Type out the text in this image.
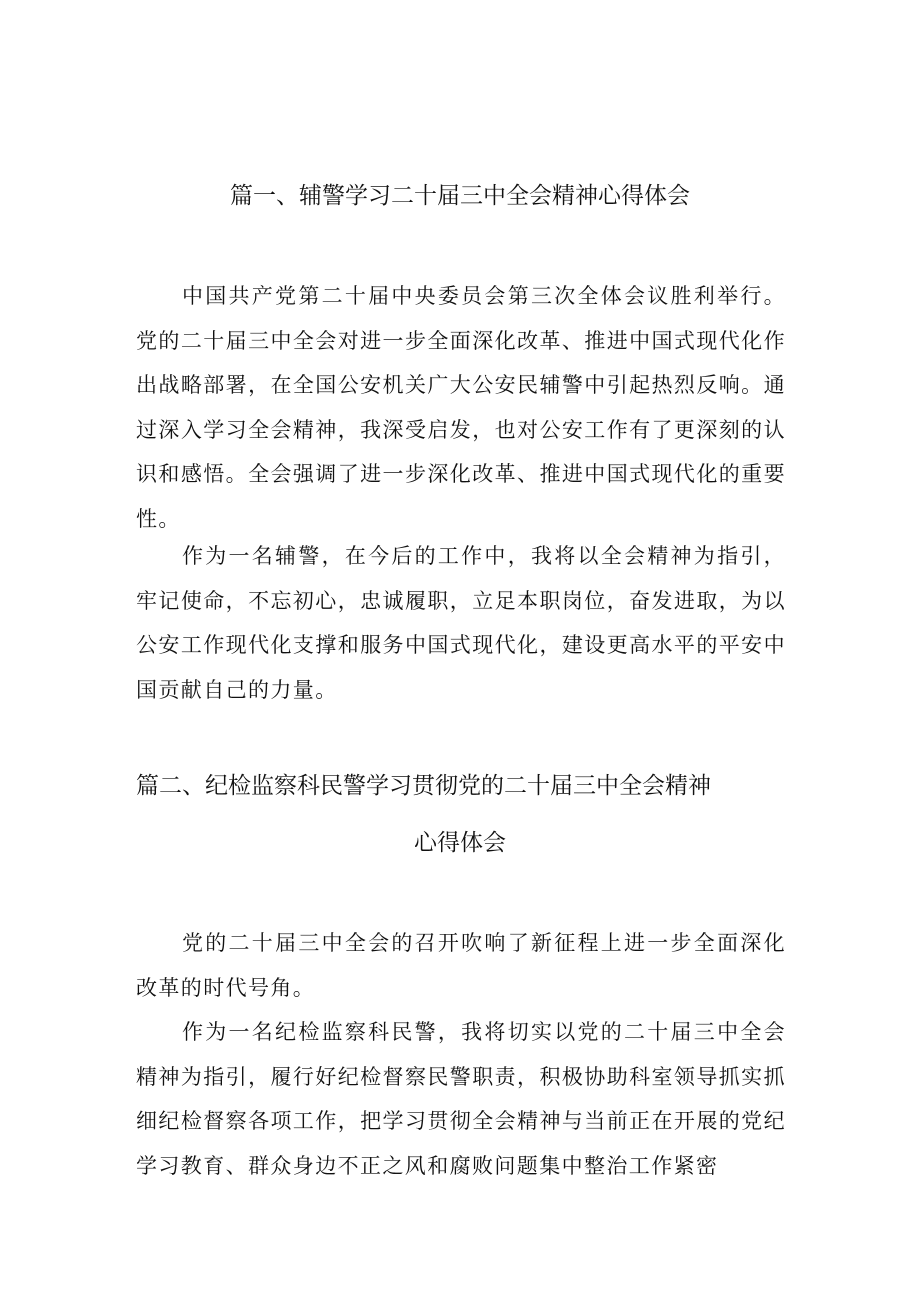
篇一、辅警学习二十届三中全会精神心得体会

中国共产党第二十届中央委员会第三次全体会议胜利举行。党的二十届三中全会对进一步全面深化改革、推进中国式现代化作出战略部署，在全国公安机关广大公安民辅警中引起热烈反响。通过深入学习全会精神，我深受启发，也对公安工作有了更深刻的认识和感悟。全会强调了进一步深化改革、推进中国式现代化的重要性。

作为一名辅警，在今后的工作中，我将以全会精神为指引，牢记使命，不忘初心，忠诚履职，立足本职岗位，奋发进取，为以公安工作现代化支撑和服务中国式现代化，建设更高水平的平安中国贡献自己的力量。

篇二、纪检监察科民警学习贯彻党的二十届三中全会精神
心得体会

党的二十届三中全会的召开吹响了新征程上进一步全面深化改革的时代号角。

作为一名纪检监察科民警，我将切实以党的二十届三中全会精神为指引，履行好纪检督察民警职责，积极协助科室领导抓实抓细纪检督察各项工作，把学习贯彻全会精神与当前正在开展的党纪学习教育、群众身边不正之风和腐败问题集中整治工作紧密
